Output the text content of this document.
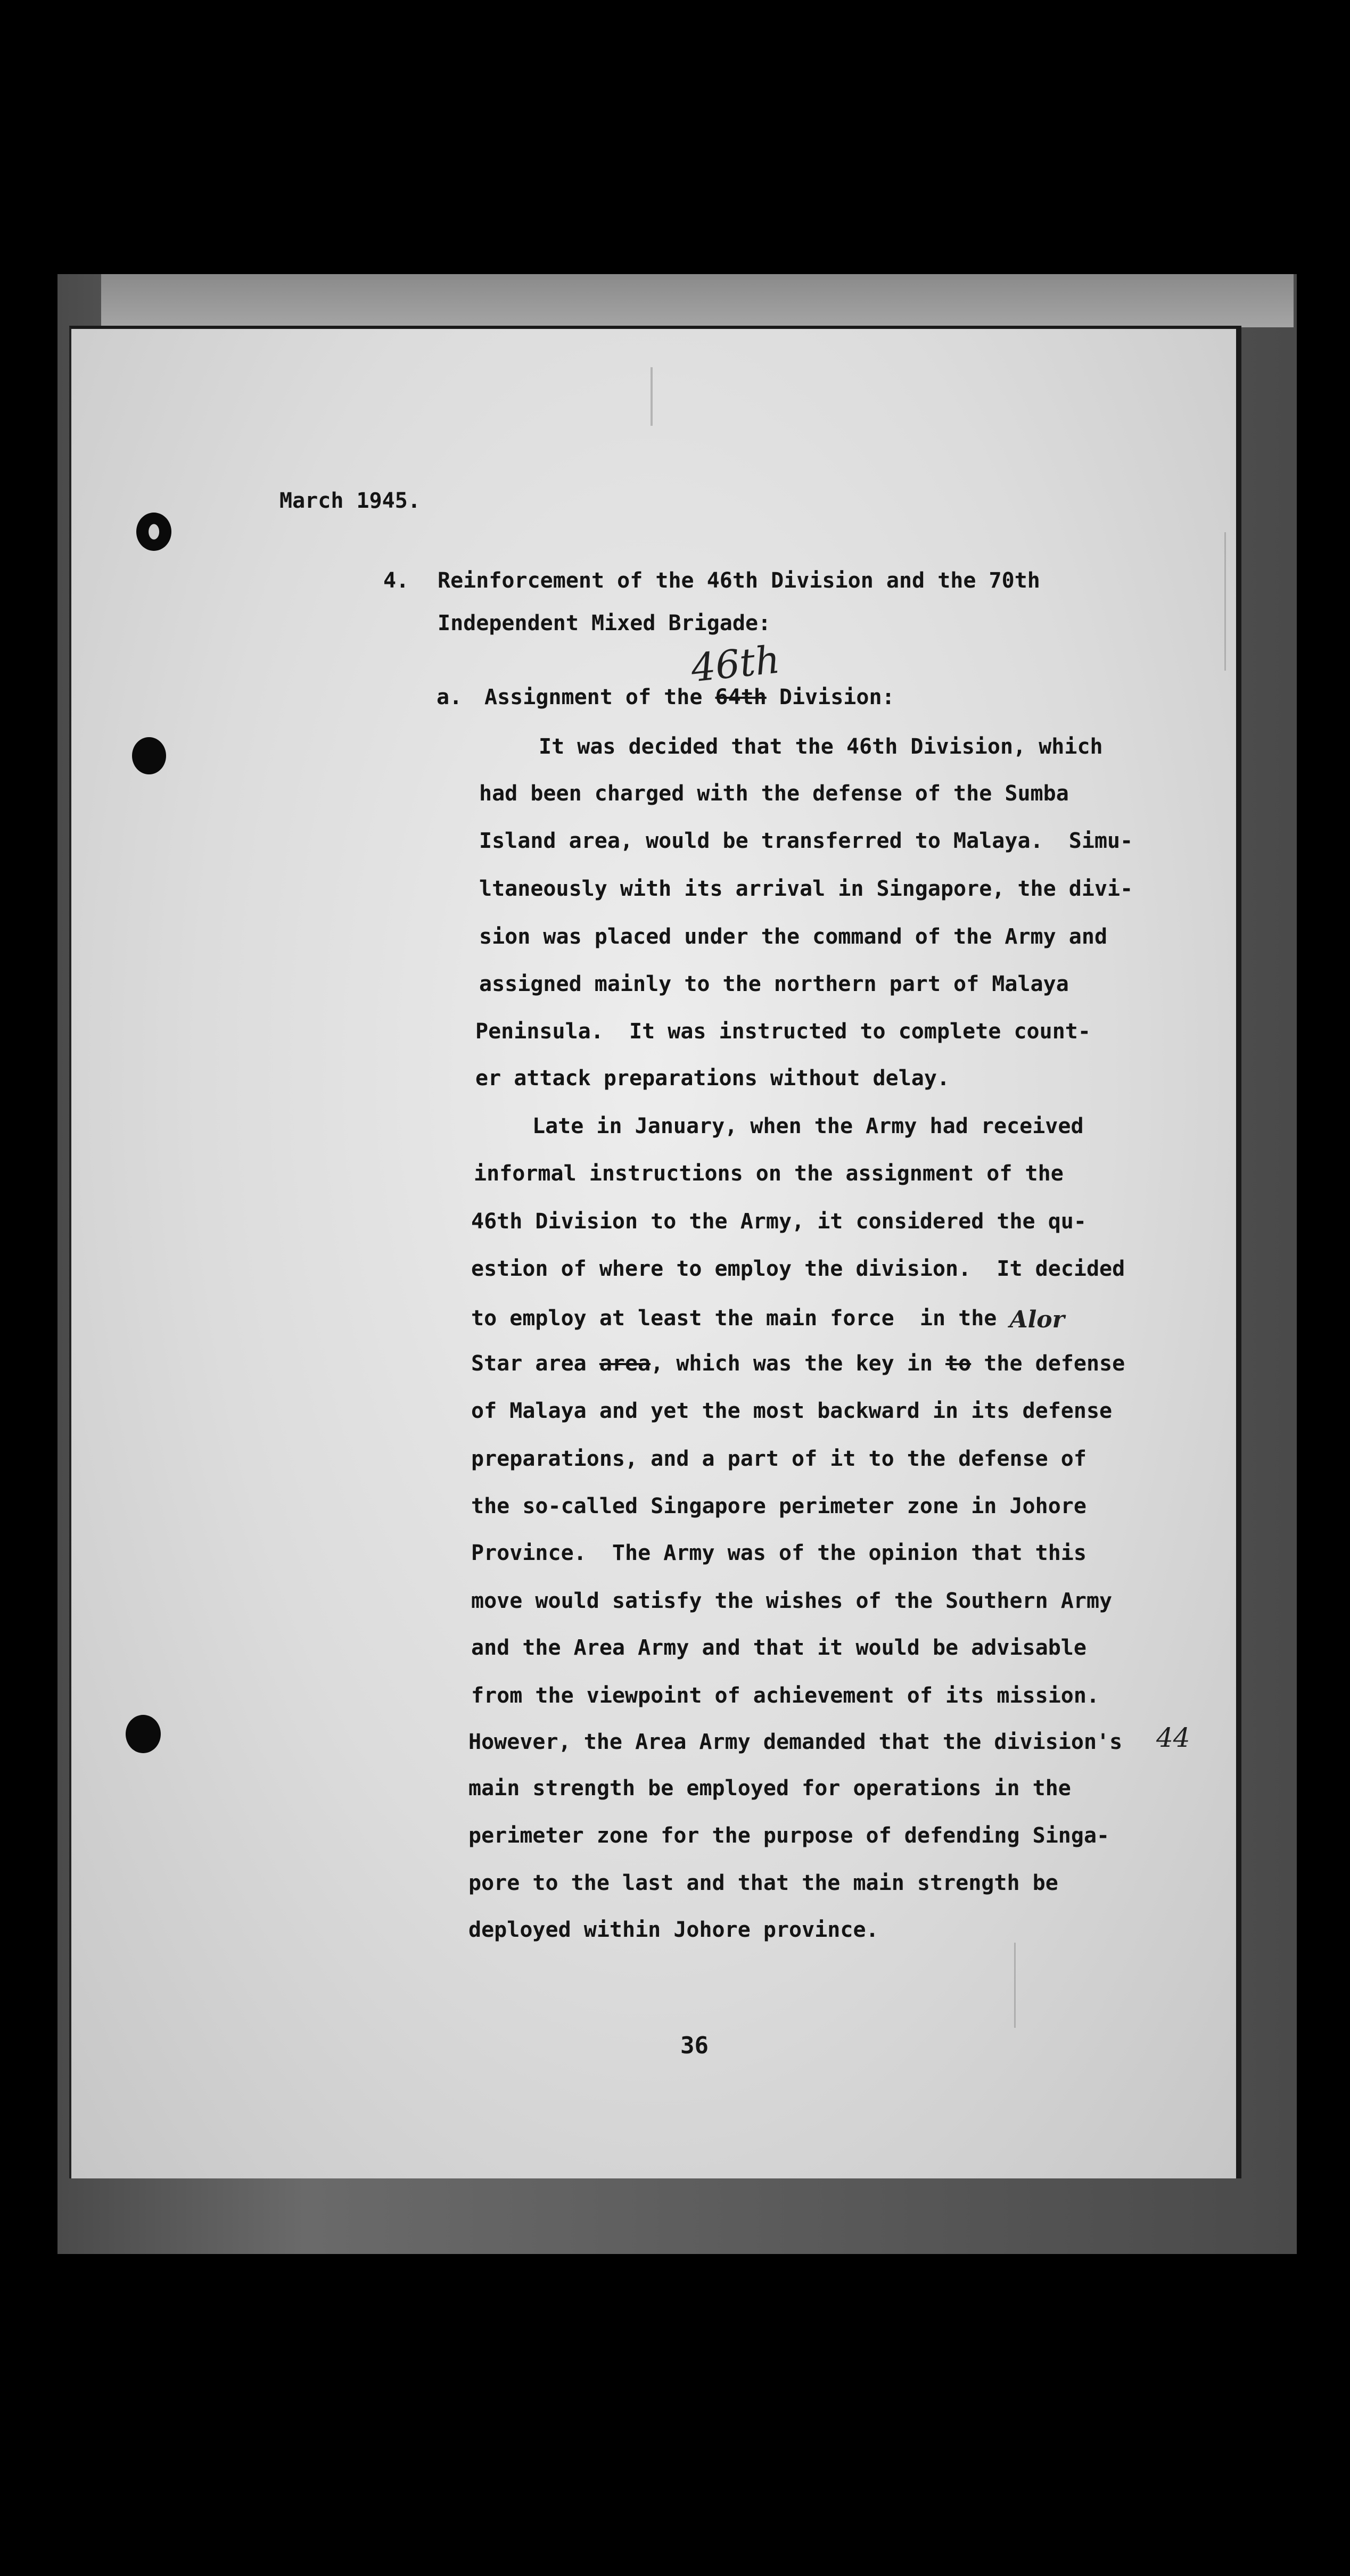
March 1945.
4. Reinforcement of the 46th Division and the 70th
Independent Mixed Brigade:
a. Assignment of the 64th Division:
46th
It was decided that the 46th Division, which
had been charged with the defense of the Sumba
Island area, would be transferred to Malaya.  Simu-
ltaneously with its arrival in Singapore, the divi-
sion was placed under the command of the Army and
assigned mainly to the northern part of Malaya
Peninsula.  It was instructed to complete count-
er attack preparations without delay.
Late in January, when the Army had received
informal instructions on the assignment of the
46th Division to the Army, it considered the qu-
estion of where to employ the division.  It decided
to employ at least the main force  in the Alor
Star area area, which was the key in to the defense
of Malaya and yet the most backward in its defense
preparations, and a part of it to the defense of
the so-called Singapore perimeter zone in Johore
Province.  The Army was of the opinion that this
move would satisfy the wishes of the Southern Army
and the Area Army and that it would be advisable
from the viewpoint of achievement of its mission.
However, the Area Army demanded that the division's
main strength be employed for operations in the
perimeter zone for the purpose of defending Singa-
pore to the last and that the main strength be
deployed within Johore province.
44
36
